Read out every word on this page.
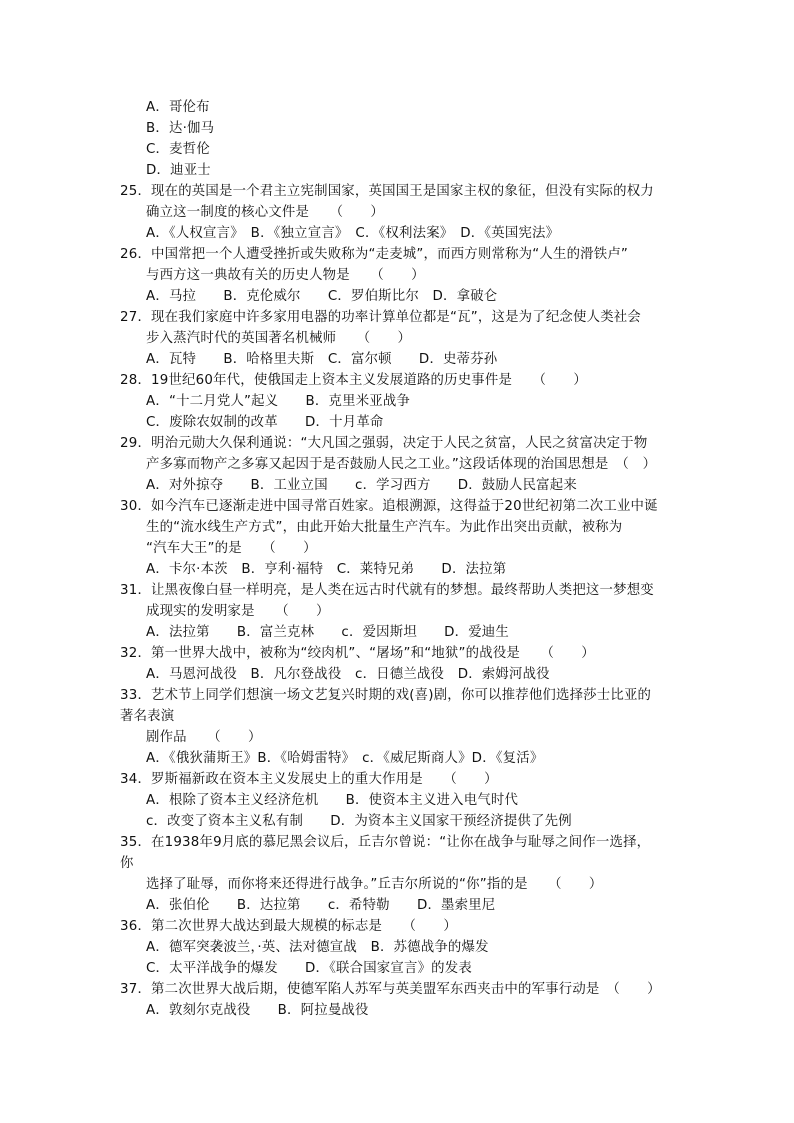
A．哥伦布
B．达·伽马
C．麦哲伦
D．迪亚士
25．现在的英国是一个君主立宪制国家，英国国王是国家主权的象征，但没有实际的权力
确立这一制度的核心文件是　　（　　）
A．《人权宣言》　B．《独立宣言》　C．《权利法案》　D．《英国宪法》
26．中国常把一个人遭受挫折或失败称为“走麦城”，而西方则常称为“人生的滑铁卢”
与西方这一典故有关的历史人物是　　（　　）
A．马拉　　B．克伦威尔　　C．罗伯斯比尔　D．拿破仑
27．现在我们家庭中许多家用电器的功率计算单位都是“瓦”，这是为了纪念使人类社会
步入蒸汽时代的英国著名机械师　　（　　）
A．瓦特　　B．哈格里夫斯　C．富尔顿　　D．史蒂芬孙
28．19世纪60年代，使俄国走上资本主义发展道路的历史事件是　　（　　）
A．“十二月党人”起义　　B．克里米亚战争
C．废除农奴制的改革　　D．十月革命
29．明治元勋大久保利通说：“大凡国之强弱，决定于人民之贫富，人民之贫富决定于物
产多寡而物产之多寡又起因于是否鼓励人民之工业。”这段话体现的治国思想是　（　）
A．对外掠夺　　B．工业立国　　c．学习西方　　D．鼓励人民富起来
30．如今汽车已逐渐走进中国寻常百姓家。追根溯源，这得益于20世纪初第二次工业中诞
生的“流水线生产方式”，由此开始大批量生产汽车。为此作出突出贡献，被称为
“汽车大王”的是　　（　　）
A．卡尔·本茨　B．亨利·福特　C．莱特兄弟　　D．法拉第
31．让黑夜像白昼一样明亮，是人类在远古时代就有的梦想。最终帮助人类把这一梦想变
成现实的发明家是　　（　　）
A．法拉第　　B．富兰克林　　c．爱因斯坦　　D．爱迪生
32．第一世界大战中，被称为“绞肉机”、“屠场”和“地狱”的战役是　　（　　）
A．马恩河战役　B．凡尔登战役　c．日德兰战役　D．索姆河战役
33．艺术节上同学们想演一场文艺复兴时期的戏(喜)剧，你可以推荐他们选择莎士比亚的
著名表演
剧作品　　（　　）
A．《俄狄蒲斯王》B．《哈姆雷特》　c．《威尼斯商人》D．《复活》
34．罗斯福新政在资本主义发展史上的重大作用是　　（　　）
A．根除了资本主义经济危机　　B．使资本主义进入电气时代
c．改变了资本主义私有制　　D．为资本主义国家干预经济提供了先例
35．在1938年9月底的慕尼黑会议后，丘吉尔曾说：“让你在战争与耻辱之间作一选择，
你
选择了耻辱，而你将来还得进行战争。”丘吉尔所说的“你”指的是　　（　　）
A．张伯伦　　B．达拉第　　c．希特勒　　D．墨索里尼
36．第二次世界大战达到最大规模的标志是　　（　　）
A．德军突袭波兰，·英、法对德宣战　B．苏德战争的爆发
C．太平洋战争的爆发　　D．《联合国家宣言》的发表
37．第二次世界大战后期，使德军陷人苏军与英美盟军东西夹击中的军事行动是　（　　）
A．敦刻尔克战役　　B．阿拉曼战役
